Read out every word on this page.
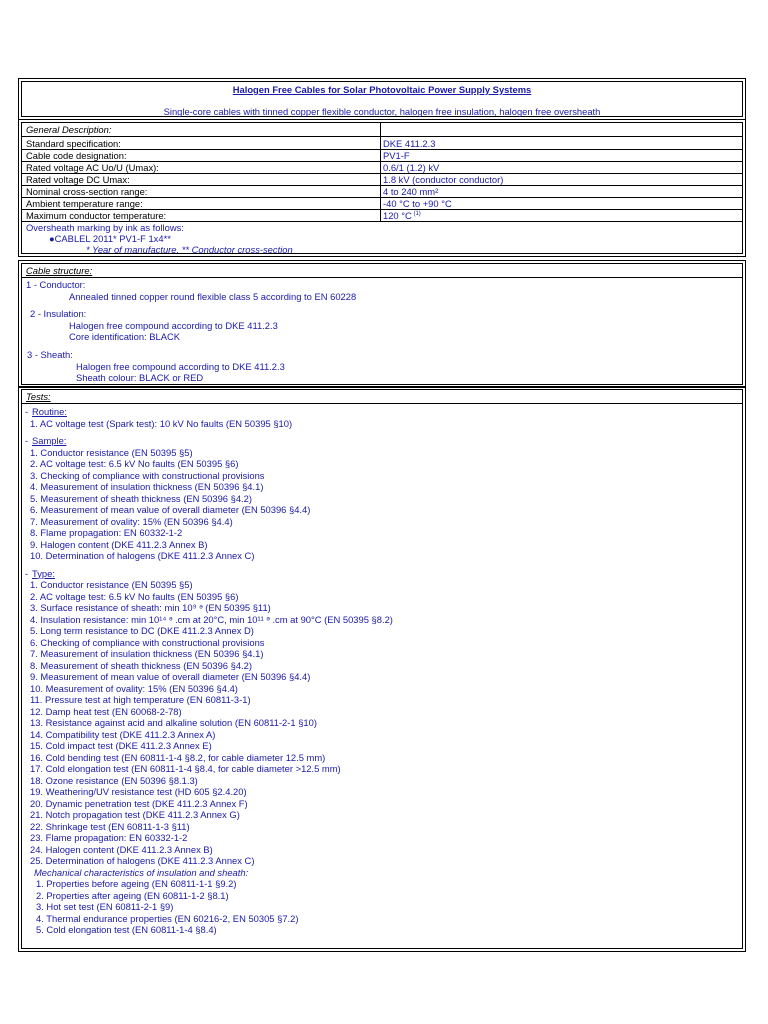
Halogen Free Cables for Solar Photovoltaic Power Supply Systems
Single-core cables with tinned copper flexible conductor, halogen free insulation, halogen free oversheath
General Description:
Standard specification:	DKE 411.2.3
Cable code designation:	PV1-F
Rated voltage AC Uo/U (Umax):	0.6/1 (1.2) kV
Rated voltage DC Umax:	1.8 kV (conductor conductor)
Nominal cross-section range:	4 to 240 mm²
Ambient temperature range:	-40 °C to +90 °C
Maximum conductor temperature:	120 °C $^{(1)}$
Oversheath marking by ink as follows:
●CABLEL 2011* PV1-F 1x4**
* Year of manufacture, ** Conductor cross-section
Cable structure:
1 - Conductor:
Annealed tinned copper round flexible class 5 according to EN 60228
2 - Insulation:
Halogen free compound according to DKE 411.2.3
Core identification: BLACK
3 - Sheath:
Halogen free compound according to DKE 411.2.3
Sheath colour: BLACK or RED
Tests:
- Routine:
1. AC voltage test (Spark test): 10 kV No faults (EN 50395 §10)
- Sample:
1. Conductor resistance (EN 50395 §5)
2. AC voltage test: 6.5 kV No faults (EN 50395 §6)
3. Checking of compliance with constructional provisions
4. Measurement of insulation thickness (EN 50396 §4.1)
5. Measurement of sheath thickness (EN 50396 §4.2)
6. Measurement of mean value of overall diameter (EN 50396 §4.4)
7. Measurement of ovality: 15% (EN 50396 §4.4)
8. Flame propagation: EN 60332-1-2
9. Halogen content (DKE 411.2.3 Annex B)
10. Determination of halogens (DKE 411.2.3 Annex C)
- Type:
1. Conductor resistance (EN 50395 §5)
2. AC voltage test: 6.5 kV No faults (EN 50395 §6)
3. Surface resistance of sheath: min 10⁹ ᵊ (EN 50395 §11)
4. Insulation resistance: min 10¹⁴ ᵊ .cm at 20°C, min 10¹¹ ᵊ .cm at 90°C (EN 50395 §8.2)
5. Long term resistance to DC (DKE 411.2.3 Annex D)
6. Checking of compliance with constructional provisions
7. Measurement of insulation thickness (EN 50396 §4.1)
8. Measurement of sheath thickness (EN 50396 §4.2)
9. Measurement of mean value of overall diameter (EN 50396 §4.4)
10. Measurement of ovality: 15% (EN 50396 §4.4)
11. Pressure test at high temperature (EN 60811-3-1)
12. Damp heat test (EN 60068-2-78)
13. Resistance against acid and alkaline solution (EN 60811-2-1 §10)
14. Compatibility test (DKE 411.2.3 Annex A)
15. Cold impact test (DKE 411.2.3 Annex E)
16. Cold bending test (EN 60811-1-4 §8.2, for cable diameter 12.5 mm)
17. Cold elongation test (EN 60811-1-4 §8.4, for cable diameter >12.5 mm)
18. Ozone resistance (EN 50396 §8.1.3)
19. Weathering/UV resistance test (HD 605 §2.4.20)
20. Dynamic penetration test (DKE 411.2.3 Annex F)
21. Notch propagation test (DKE 411.2.3 Annex G)
22. Shrinkage test (EN 60811-1-3 §11)
23. Flame propagation: EN 60332-1-2
24. Halogen content (DKE 411.2.3 Annex B)
25. Determination of halogens (DKE 411.2.3 Annex C)
Mechanical characteristics of insulation and sheath:
1. Properties before ageing (EN 60811-1-1 §9.2)
2. Properties after ageing (EN 60811-1-2 §8.1)
3. Hot set test (EN 60811-2-1 §9)
4. Thermal endurance properties (EN 60216-2, EN 50305 §7.2)
5. Cold elongation test (EN 60811-1-4 §8.4)
